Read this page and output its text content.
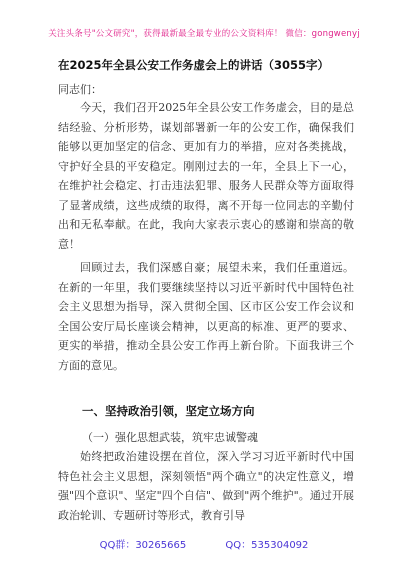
关注头条号"公文研究"，获得最新最全最专业的公文资料库！ 微信：gongwenyj
在2025年全县公安工作务虚会上的讲话（3055字）
同志们：

今天，我们召开2025年全县公安工作务虚会，目的是总结经验、分析形势，谋划部署新一年的公安工作，确保我们能够以更加坚定的信念、更加有力的举措，应对各类挑战，守护好全县的平安稳定。刚刚过去的一年，全县上下一心，在维护社会稳定、打击违法犯罪、服务人民群众等方面取得了显著成绩，这些成绩的取得，离不开每一位同志的辛勤付出和无私奉献。在此，我向大家表示衷心的感谢和崇高的敬意！

回顾过去，我们深感自豪；展望未来，我们任重道远。在新的一年里，我们要继续坚持以习近平新时代中国特色社会主义思想为指导，深入贯彻全国、区市区公安工作会议和全国公安厅局长座谈会精神，以更高的标准、更严的要求、更实的举措，推动全县公安工作再上新台阶。下面我讲三个方面的意见。

一、坚持政治引领，坚定立场方向
（一）强化思想武装，筑牢忠诚警魂

始终把政治建设摆在首位，深入学习习近平新时代中国特色社会主义思想，深刻领悟"两个确立"的决定性意义，增强"四个意识"、坚定"四个自信"、做到"两个维护"。通过开展政治轮训、专题研讨等形式，教育引导

QQ群：30265665	QQ：535304092
